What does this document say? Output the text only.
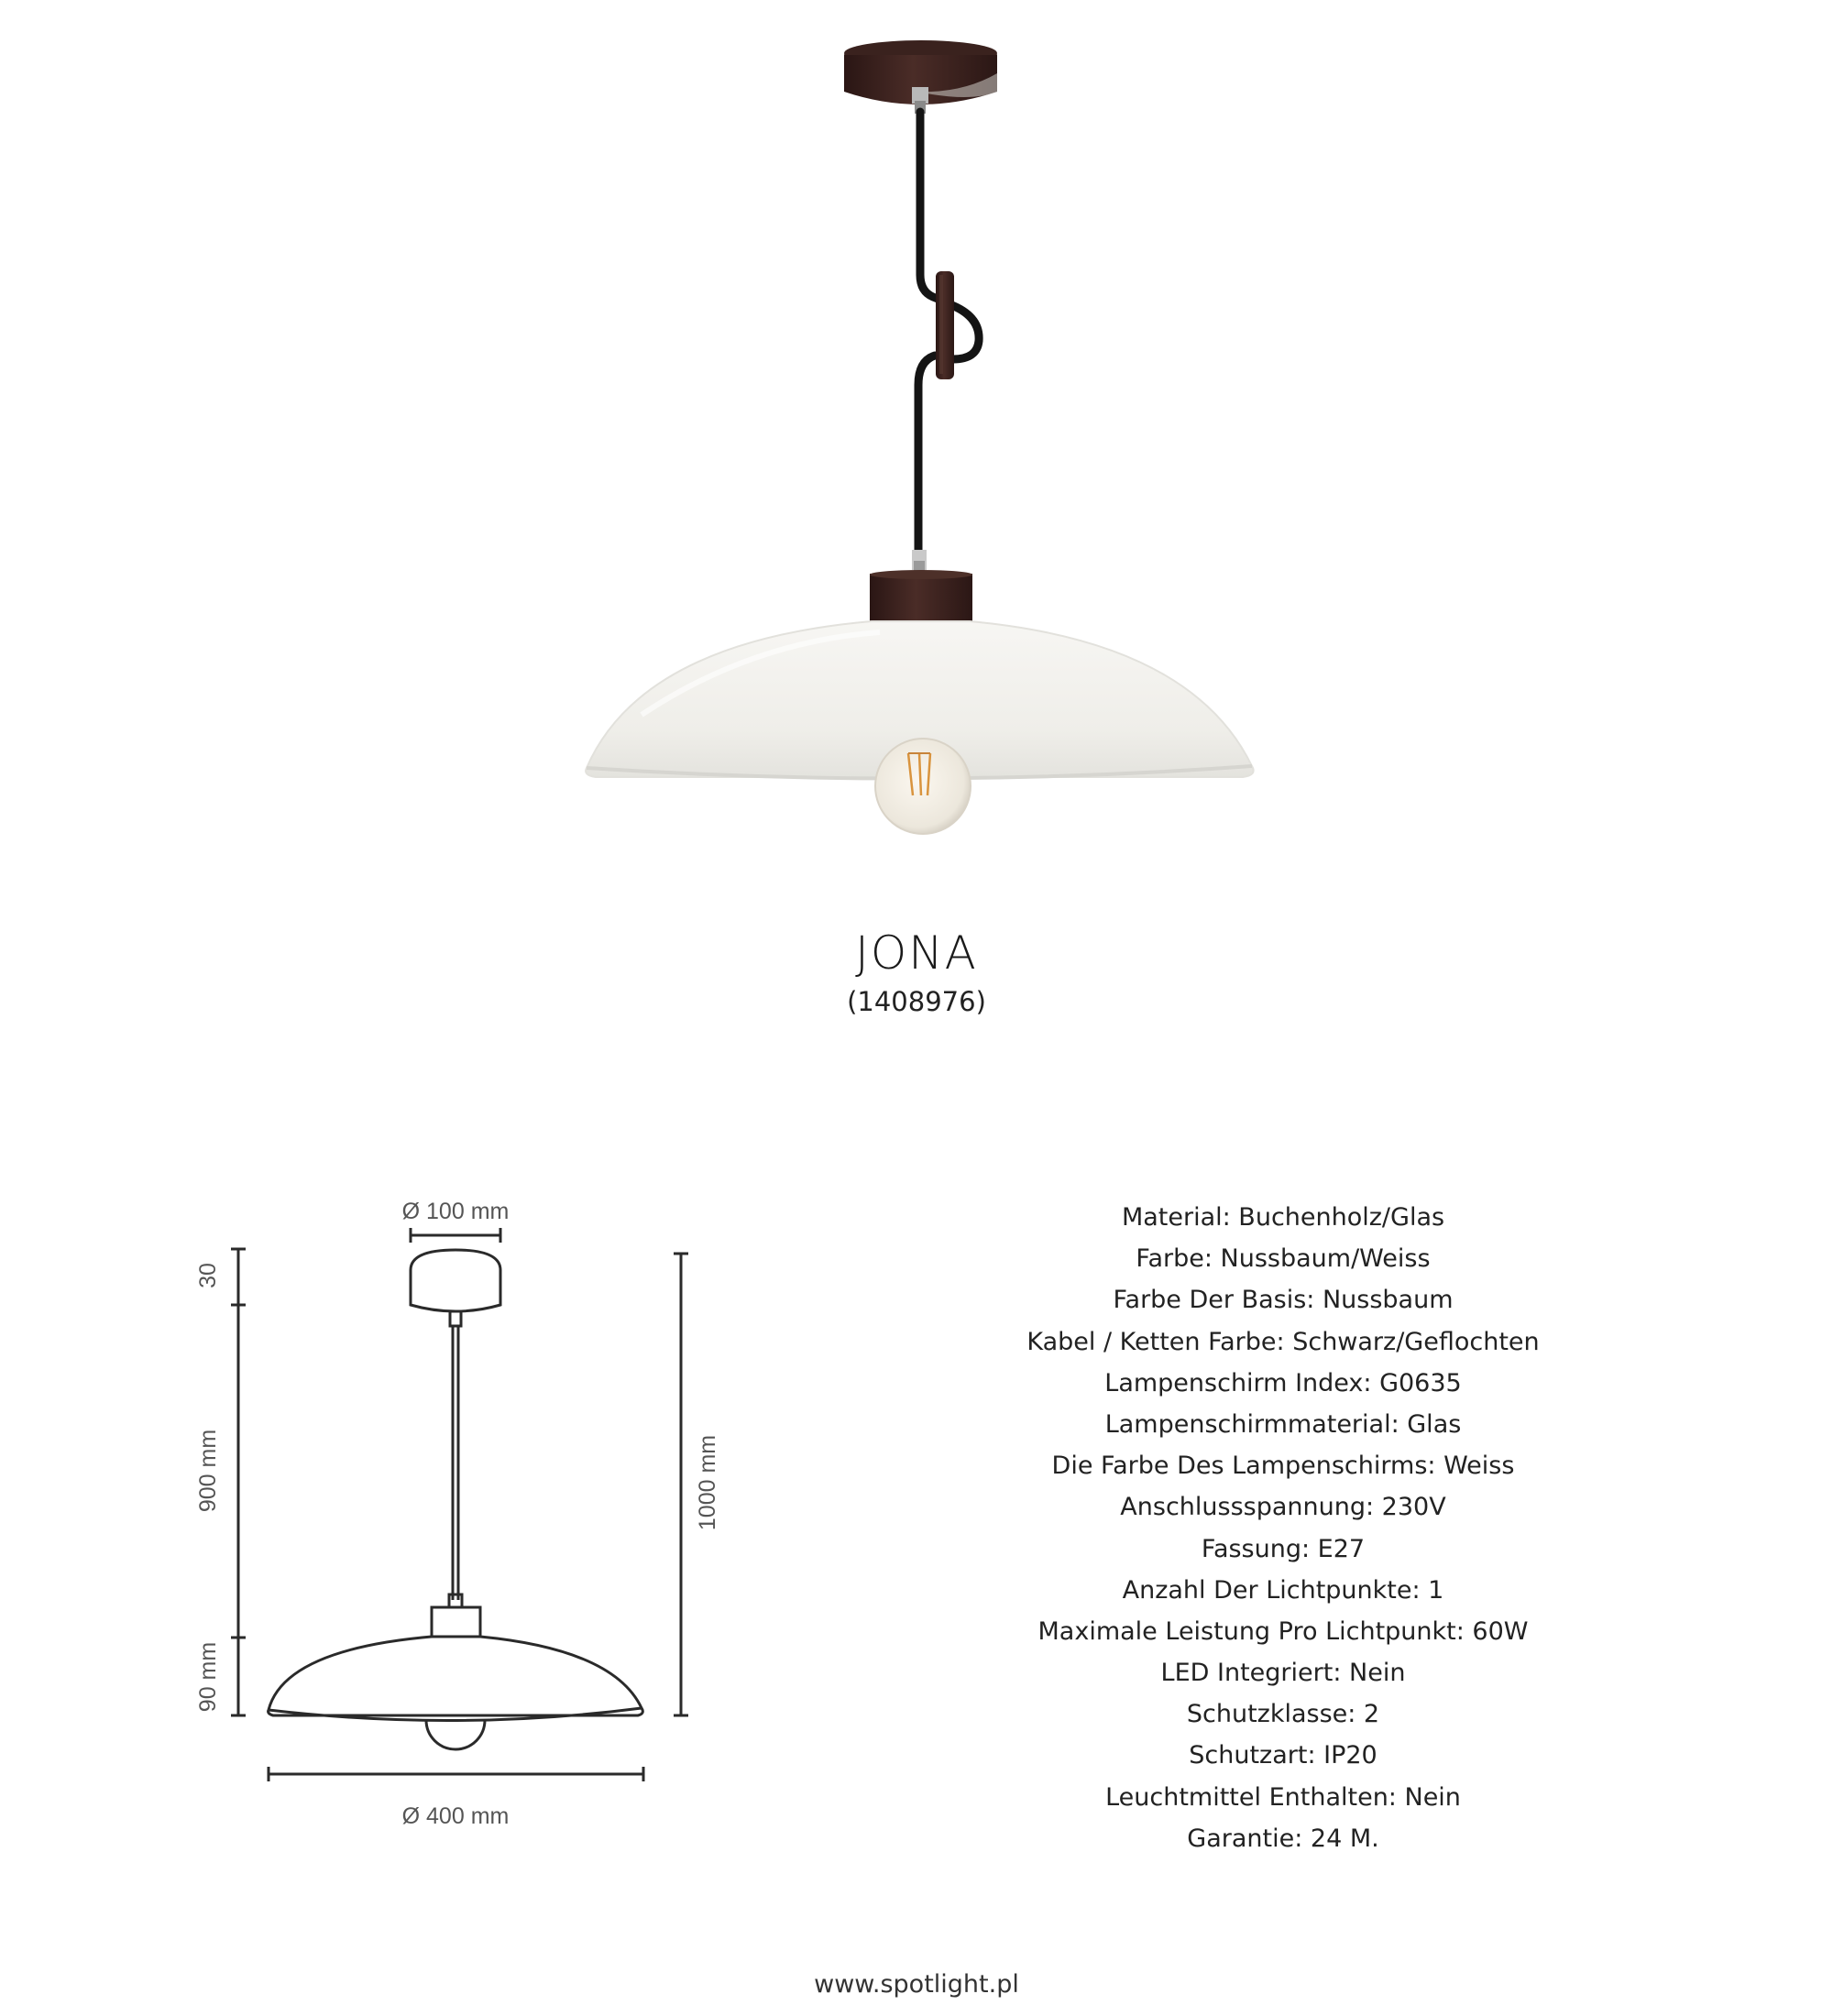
JONA
(1408976)
Ø 100 mm
Ø 400 mm
30
900 mm
90 mm
1000 mm
Material: Buchenholz/Glas
Farbe: Nussbaum/Weiss
Farbe Der Basis: Nussbaum
Kabel / Ketten Farbe: Schwarz/Geflochten
Lampenschirm Index: G0635
Lampenschirmmaterial: Glas
Die Farbe Des Lampenschirms: Weiss
Anschlussspannung: 230V
Fassung: E27
Anzahl Der Lichtpunkte: 1
Maximale Leistung Pro Lichtpunkt: 60W
LED Integriert: Nein
Schutzklasse: 2
Schutzart: IP20
Leuchtmittel Enthalten: Nein
Garantie: 24 M.
www.spotlight.pl
